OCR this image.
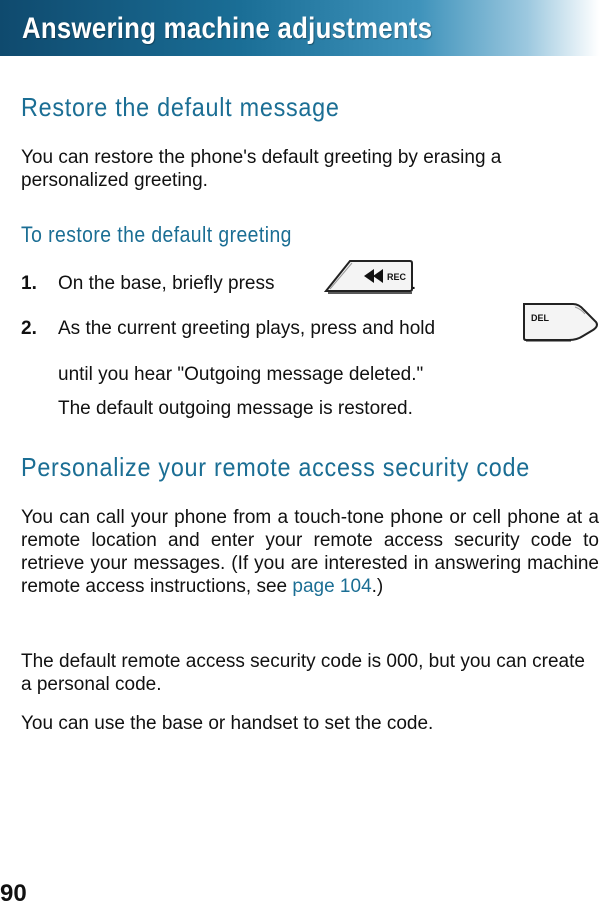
Answering machine adjustments
Restore the default message
You can restore the phone's default greeting by erasing a personalized greeting.
To restore the default greeting
1. On the base, briefly press	REC .
2. As the current greeting plays, press and hold	DEL
until you hear "Outgoing message deleted."
The default outgoing message is restored.
Personalize your remote access security code
You can call your phone from a touch-tone phone or cell phone at a remote location and enter your remote access security code to retrieve your messages. (If you are interested in answering machine remote access instructions, see page 104.)
The default remote access security code is 000, but you can create a personal code.
You can use the base or handset to set the code.
90
